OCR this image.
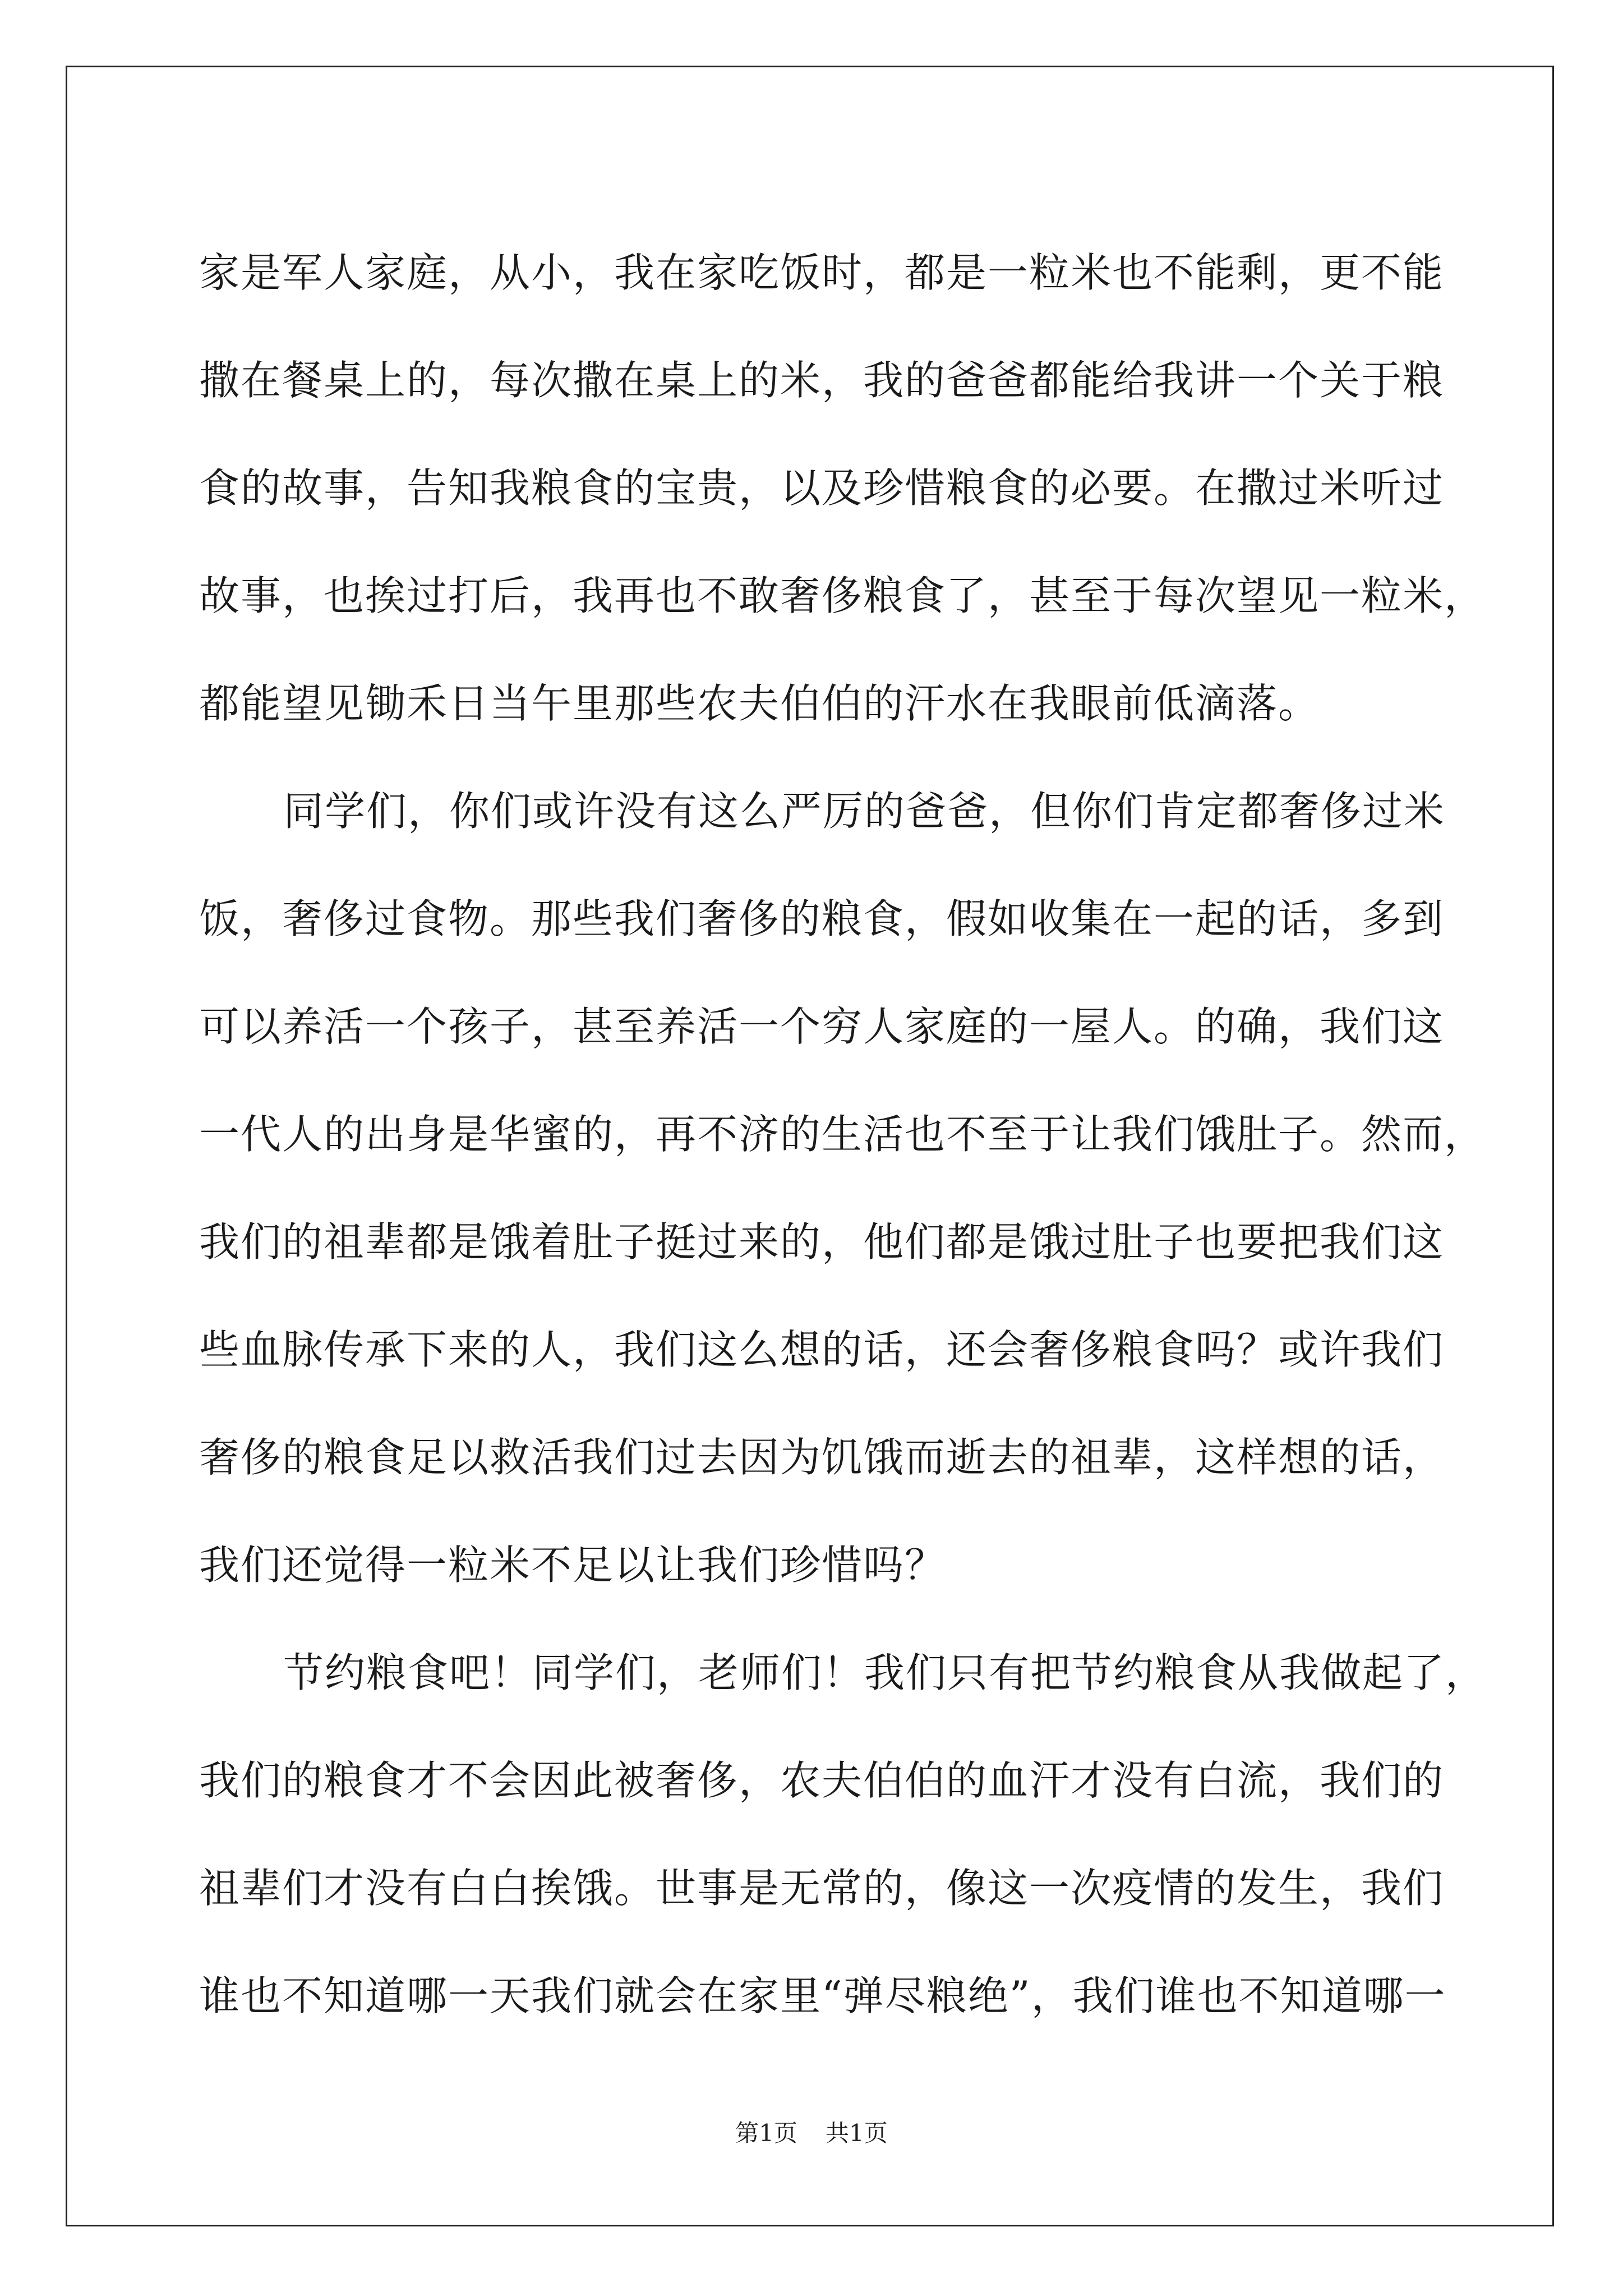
家是军人家庭，从小，我在家吃饭时，都是一粒米也不能剩，更不能
撒在餐桌上的，每次撒在桌上的米，我的爸爸都能给我讲一个关于粮
食的故事，告知我粮食的宝贵，以及珍惜粮食的必要。在撒过米听过
故事，也挨过打后，我再也不敢奢侈粮食了，甚至于每次望见一粒米，
都能望见锄禾日当午里那些农夫伯伯的汗水在我眼前低滴落。
同学们，你们或许没有这么严厉的爸爸，但你们肯定都奢侈过米
饭，奢侈过食物。那些我们奢侈的粮食，假如收集在一起的话，多到
可以养活一个孩子，甚至养活一个穷人家庭的一屋人。的确，我们这
一代人的出身是华蜜的，再不济的生活也不至于让我们饿肚子。然而，
我们的祖辈都是饿着肚子挺过来的，他们都是饿过肚子也要把我们这
些血脉传承下来的人，我们这么想的话，还会奢侈粮食吗？或许我们
奢侈的粮食足以救活我们过去因为饥饿而逝去的祖辈，这样想的话，
我们还觉得一粒米不足以让我们珍惜吗？
节约粮食吧！同学们，老师们！我们只有把节约粮食从我做起了，
我们的粮食才不会因此被奢侈，农夫伯伯的血汗才没有白流，我们的
祖辈们才没有白白挨饿。世事是无常的，像这一次疫情的发生，我们
谁也不知道哪一天我们就会在家里“弹尽粮绝”，我们谁也不知道哪一
第1页 共1页
